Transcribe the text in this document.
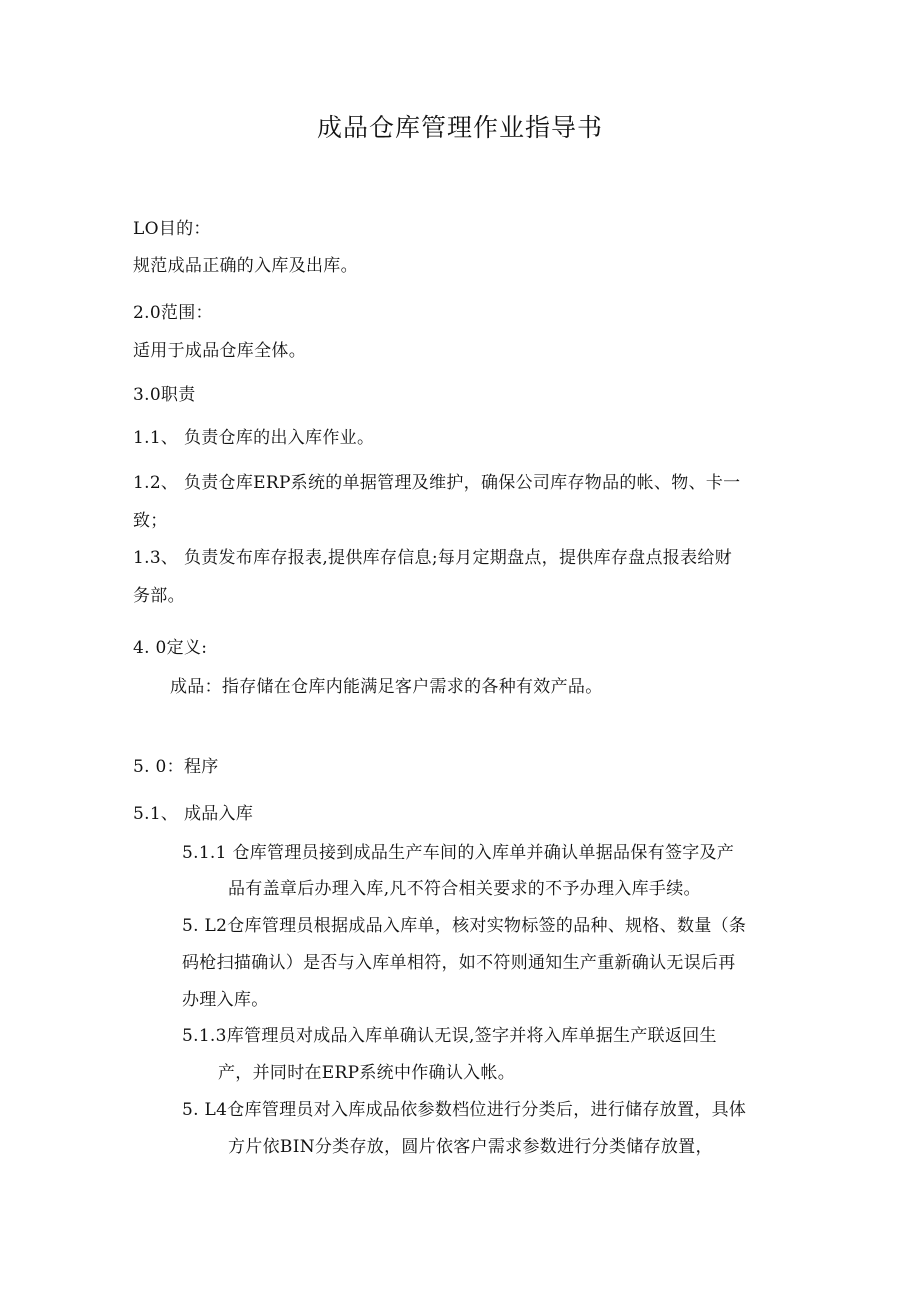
成品仓库管理作业指导书
LO目的：
规范成品正确的入库及出库。
2.0范围：
适用于成品仓库全体。
3.0职责
1.1、 负责仓库的出入库作业。
1.2、 负责仓库ERP系统的单据管理及维护，确保公司库存物品的帐、物、卡一
致；
1.3、 负责发布库存报表,提供库存信息;每月定期盘点，提供库存盘点报表给财
务部。
4. 0定义:
成品：指存储在仓库内能满足客户需求的各种有效产品。
5. 0：程序
5.1、 成品入库
5.1.1 仓库管理员接到成品生产车间的入库单并确认单据品保有签字及产
品有盖章后办理入库,凡不符合相关要求的不予办理入库手续。
5. L2仓库管理员根据成品入库单，核对实物标签的品种、规格、数量（条
码枪扫描确认）是否与入库单相符，如不符则通知生产重新确认无误后再
办理入库。
5.1.3库管理员对成品入库单确认无误,签字并将入库单据生产联返回生
产，并同时在ERP系统中作确认入帐。
5. L4仓库管理员对入库成品依参数档位进行分类后，进行储存放置，具体
方片依BIN分类存放，圆片依客户需求参数进行分类储存放置，
